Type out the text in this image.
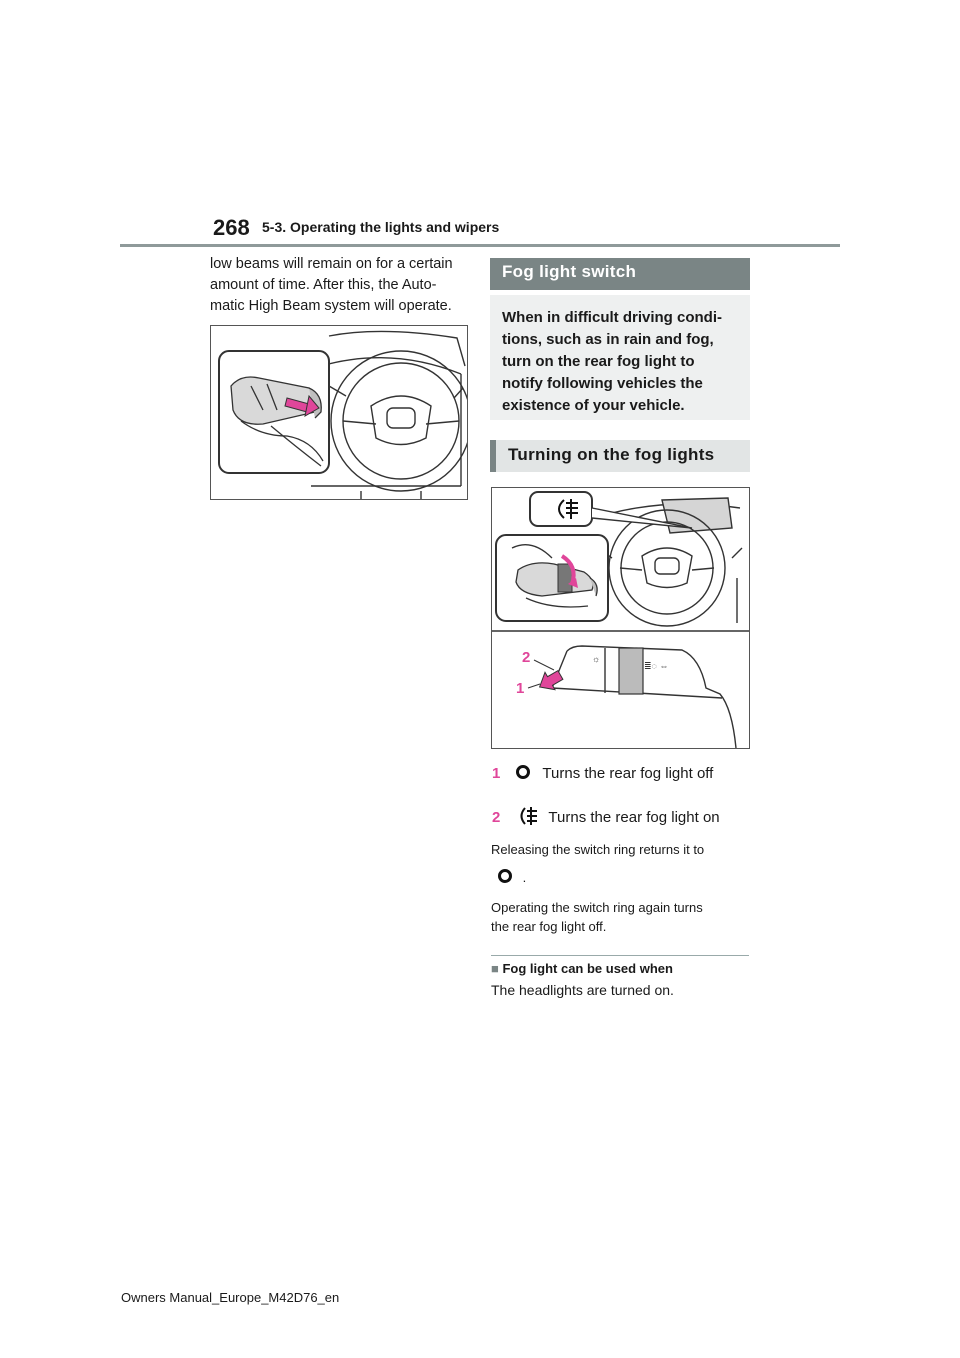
268 5-3. Operating the lights and wipers
low beams will remain on for a certain
amount of time. After this, the Auto-
matic High Beam system will operate.
Fog light switch
When in difficult driving condi-
tions, such as in rain and fog,
turn on the rear fog light to
notify following vehicles the
existence of your vehicle.
Turning on the fog lights
☼
≣◌ ⇔
2
1
1	Turns the rear fog light off
2	Turns the rear fog light on
Releasing the switch ring returns it to
.
Operating the switch ring again turns
the rear fog light off.
■ Fog light can be used when
The headlights are turned on.
Owners Manual_Europe_M42D76_en
